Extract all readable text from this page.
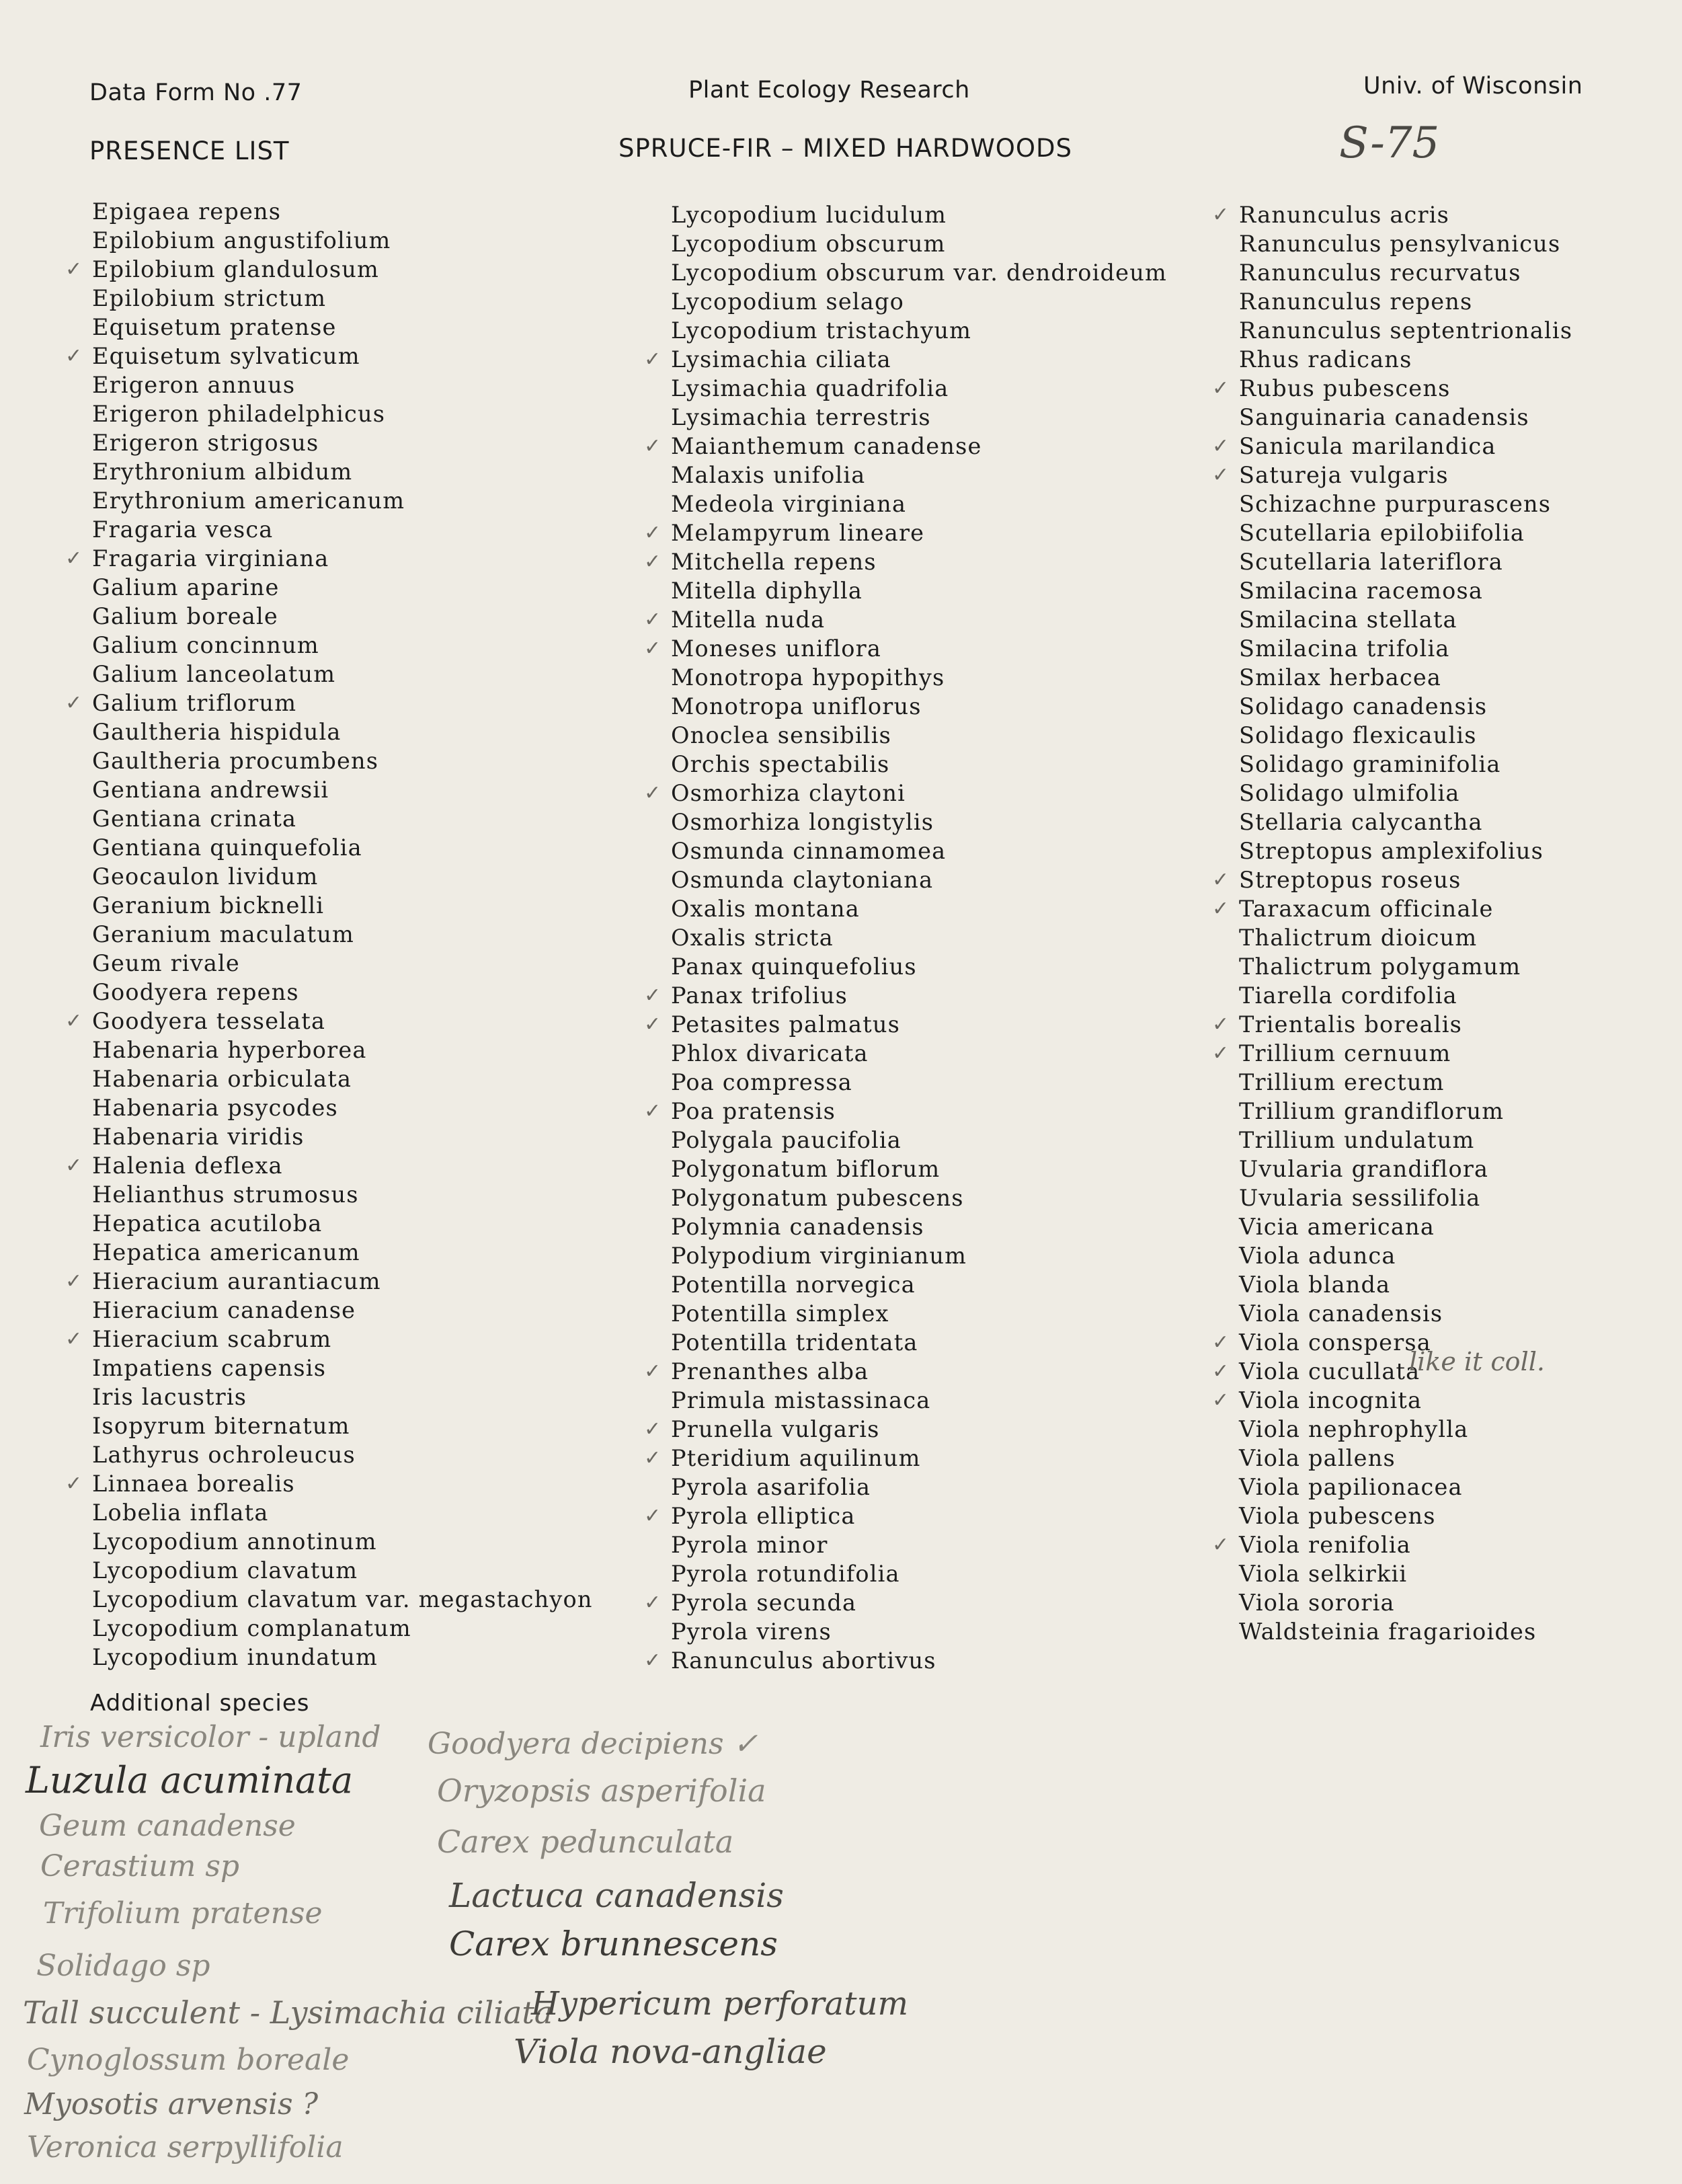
Data Form No .77	Plant Ecology Research	Univ. of Wisconsin
PRESENCE LIST	SPRUCE-FIR – MIXED HARDWOODS	S-75
Epigaea repens
Epilobium angustifolium
✓ Epilobium glandulosum
Epilobium strictum
Equisetum pratense
✓ Equisetum sylvaticum
Erigeron annuus
Erigeron philadelphicus
Erigeron strigosus
Erythronium albidum
Erythronium americanum
Fragaria vesca
✓ Fragaria virginiana
Galium aparine
Galium boreale
Galium concinnum
Galium lanceolatum
✓ Galium triflorum
Gaultheria hispidula
Gaultheria procumbens
Gentiana andrewsii
Gentiana crinata
Gentiana quinquefolia
Geocaulon lividum
Geranium bicknelli
Geranium maculatum
Geum rivale
Goodyera repens
✓ Goodyera tesselata
Habenaria hyperborea
Habenaria orbiculata
Habenaria psycodes
Habenaria viridis
✓ Halenia deflexa
Helianthus strumosus
Hepatica acutiloba
Hepatica americanum
✓ Hieracium aurantiacum
Hieracium canadense
✓ Hieracium scabrum
Impatiens capensis
Iris lacustris
Isopyrum biternatum
Lathyrus ochroleucus
✓ Linnaea borealis
Lobelia inflata
Lycopodium annotinum
Lycopodium clavatum
Lycopodium clavatum var. megastachyon
Lycopodium complanatum
Lycopodium inundatum
Lycopodium lucidulum
Lycopodium obscurum
Lycopodium obscurum var. dendroideum
Lycopodium selago
Lycopodium tristachyum
✓ Lysimachia ciliata
Lysimachia quadrifolia
Lysimachia terrestris
✓ Maianthemum canadense
Malaxis unifolia
Medeola virginiana
✓ Melampyrum lineare
✓ Mitchella repens
Mitella diphylla
✓ Mitella nuda
✓ Moneses uniflora
Monotropa hypopithys
Monotropa uniflorus
Onoclea sensibilis
Orchis spectabilis
✓ Osmorhiza claytoni
Osmorhiza longistylis
Osmunda cinnamomea
Osmunda claytoniana
Oxalis montana
Oxalis stricta
Panax quinquefolius
✓ Panax trifolius
✓ Petasites palmatus
Phlox divaricata
Poa compressa
✓ Poa pratensis
Polygala paucifolia
Polygonatum biflorum
Polygonatum pubescens
Polymnia canadensis
Polypodium virginianum
Potentilla norvegica
Potentilla simplex
Potentilla tridentata
✓ Prenanthes alba
Primula mistassinaca
✓ Prunella vulgaris
✓ Pteridium aquilinum
Pyrola asarifolia
✓ Pyrola elliptica
Pyrola minor
Pyrola rotundifolia
✓ Pyrola secunda
Pyrola virens
✓ Ranunculus abortivus
✓ Ranunculus acris
Ranunculus pensylvanicus
Ranunculus recurvatus
Ranunculus repens
Ranunculus septentrionalis
Rhus radicans
✓ Rubus pubescens
Sanguinaria canadensis
✓ Sanicula marilandica
✓ Satureja vulgaris
Schizachne purpurascens
Scutellaria epilobiifolia
Scutellaria lateriflora
Smilacina racemosa
Smilacina stellata
Smilacina trifolia
Smilax herbacea
Solidago canadensis
Solidago flexicaulis
Solidago graminifolia
Solidago ulmifolia
Stellaria calycantha
Streptopus amplexifolius
✓ Streptopus roseus
✓ Taraxacum officinale
Thalictrum dioicum
Thalictrum polygamum
Tiarella cordifolia
✓ Trientalis borealis
✓ Trillium cernuum
Trillium erectum
Trillium grandiflorum
Trillium undulatum
Uvularia grandiflora
Uvularia sessilifolia
Vicia americana
Viola adunca
Viola blanda
Viola canadensis
✓ Viola conspersa
✓ Viola cucullata
✓ Viola incognita
Viola nephrophylla
Viola pallens
Viola papilionacea
Viola pubescens
✓ Viola renifolia
Viola selkirkii
Viola sororia
Waldsteinia fragarioides
like it coll.
Additional species
Iris versicolor - upland
Luzula acuminata
Geum canadense
Cerastium sp
Trifolium pratense
Solidago sp
Tall succulent - Lysimachia ciliata
Cynoglossum boreale
Myosotis arvensis ?
Veronica serpyllifolia
Goodyera decipiens ✓
Oryzopsis asperifolia
Carex pedunculata
Lactuca canadensis
Carex brunnescens
Hypericum perforatum
Viola nova-angliae
